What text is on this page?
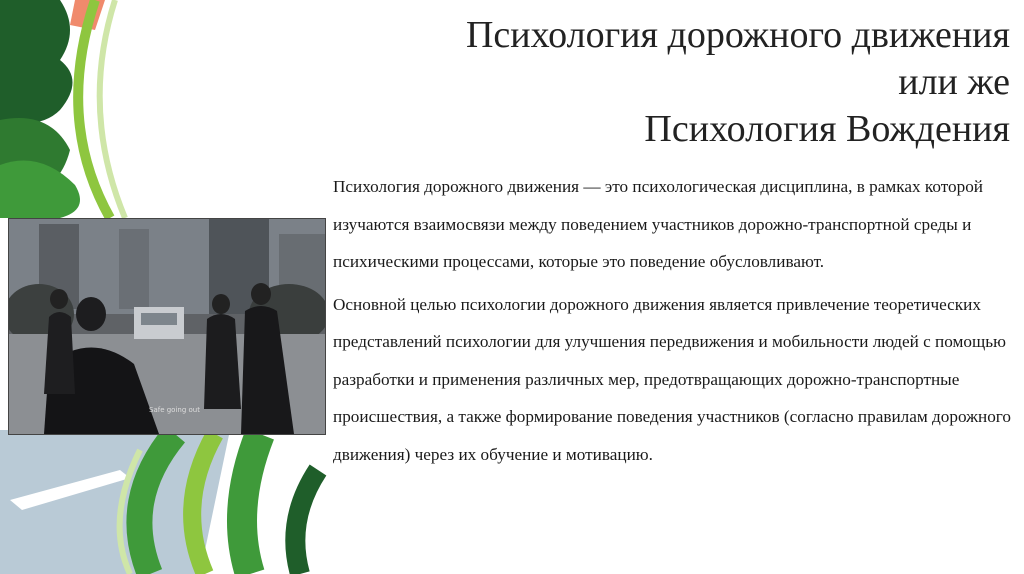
Safe going out
Психология дорожного движения
или же
Психология Вождения

Психология дорожного движения — это психологическая дисциплина, в рамках которой изучаются взаимосвязи между поведением участников дорожно-транспортной среды и психическими процессами, которые это поведение обусловливают.

Основной целью психологии дорожного движения является привлечение теоретических представлений психологии для улучшения передвижения и мобильности людей с помощью разработки и применения различных мер, предотвращающих дорожно-транспортные происшествия, а также формирование поведения участников (согласно правилам дорожного движения) через их обучение и мотивацию.
